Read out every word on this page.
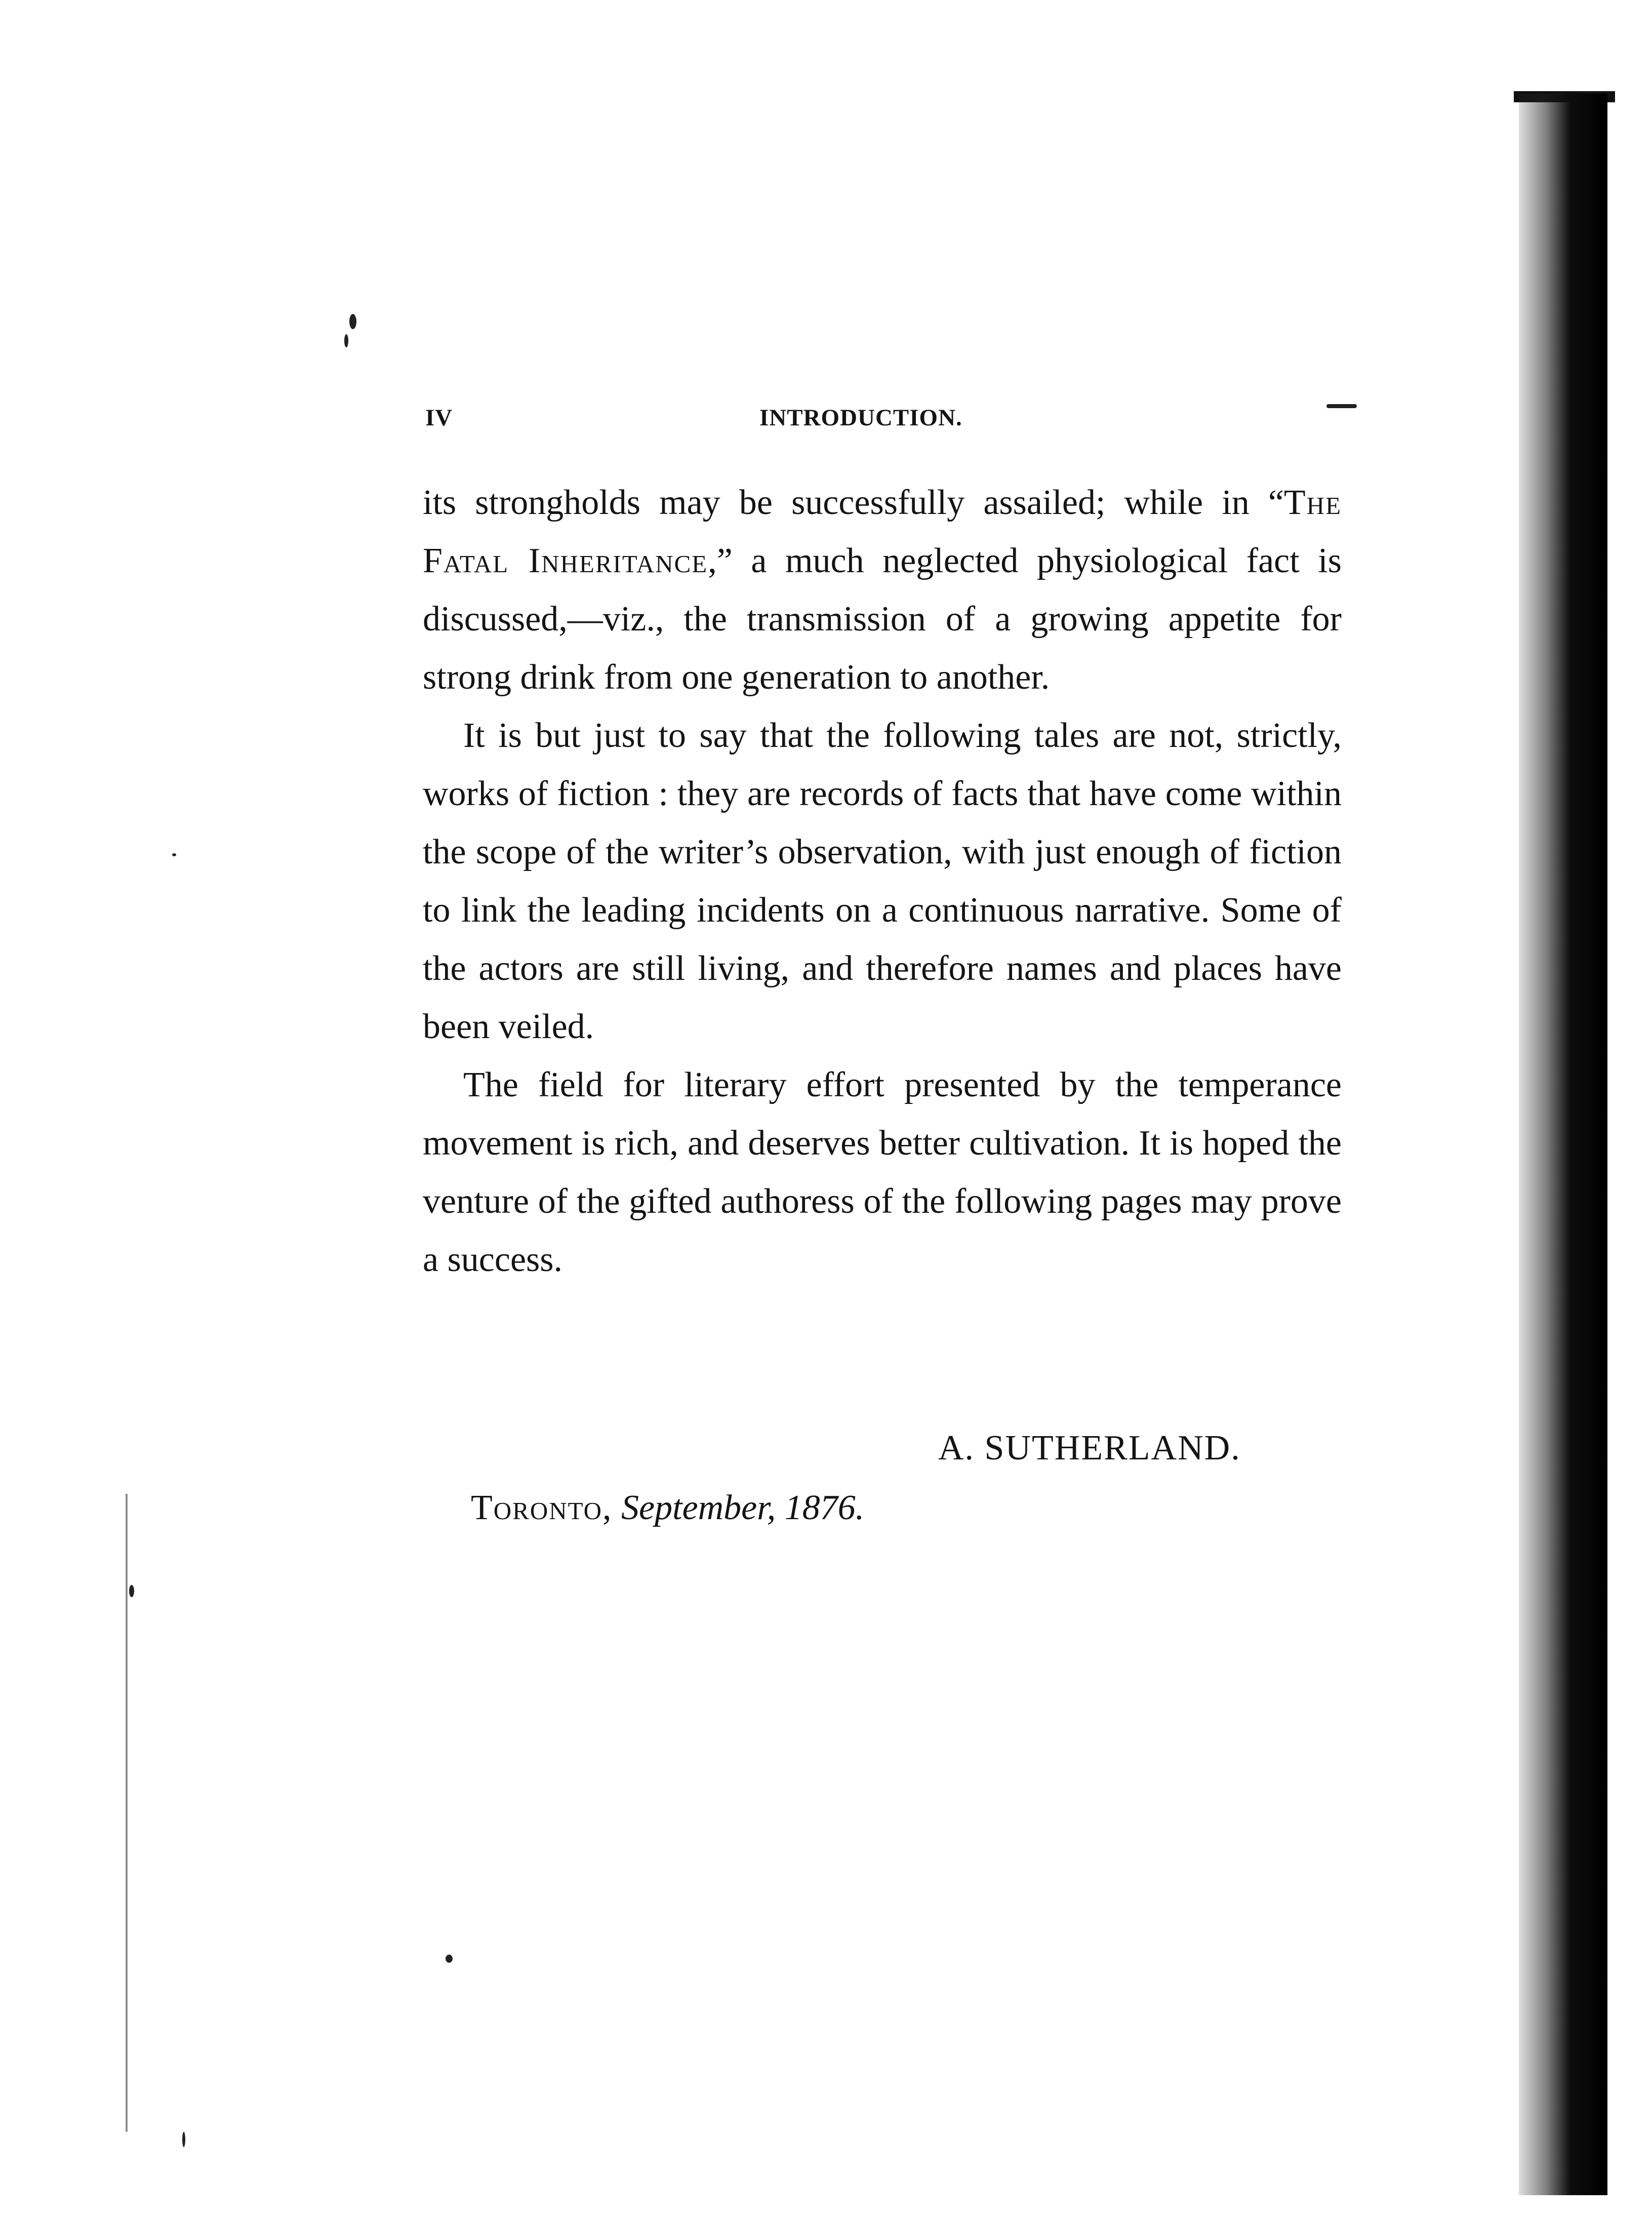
IV	INTRODUCTION.

its strongholds may be successfully assailed; while in “The Fatal Inheritance,” a much neglected physiological fact is discussed,—viz., the transmission of a growing appetite for strong drink from one generation to another.

It is but just to say that the following tales are not, strictly, works of fiction : they are records of facts that have come within the scope of the writer’s observation, with just enough of fiction to link the leading incidents on a continuous narrative. Some of the actors are still living, and therefore names and places have been veiled.

The field for literary effort presented by the temperance movement is rich, and deserves better cultivation. It is hoped the venture of the gifted authoress of the following pages may prove a success.

A. SUTHERLAND.
Toronto, September, 1876.
